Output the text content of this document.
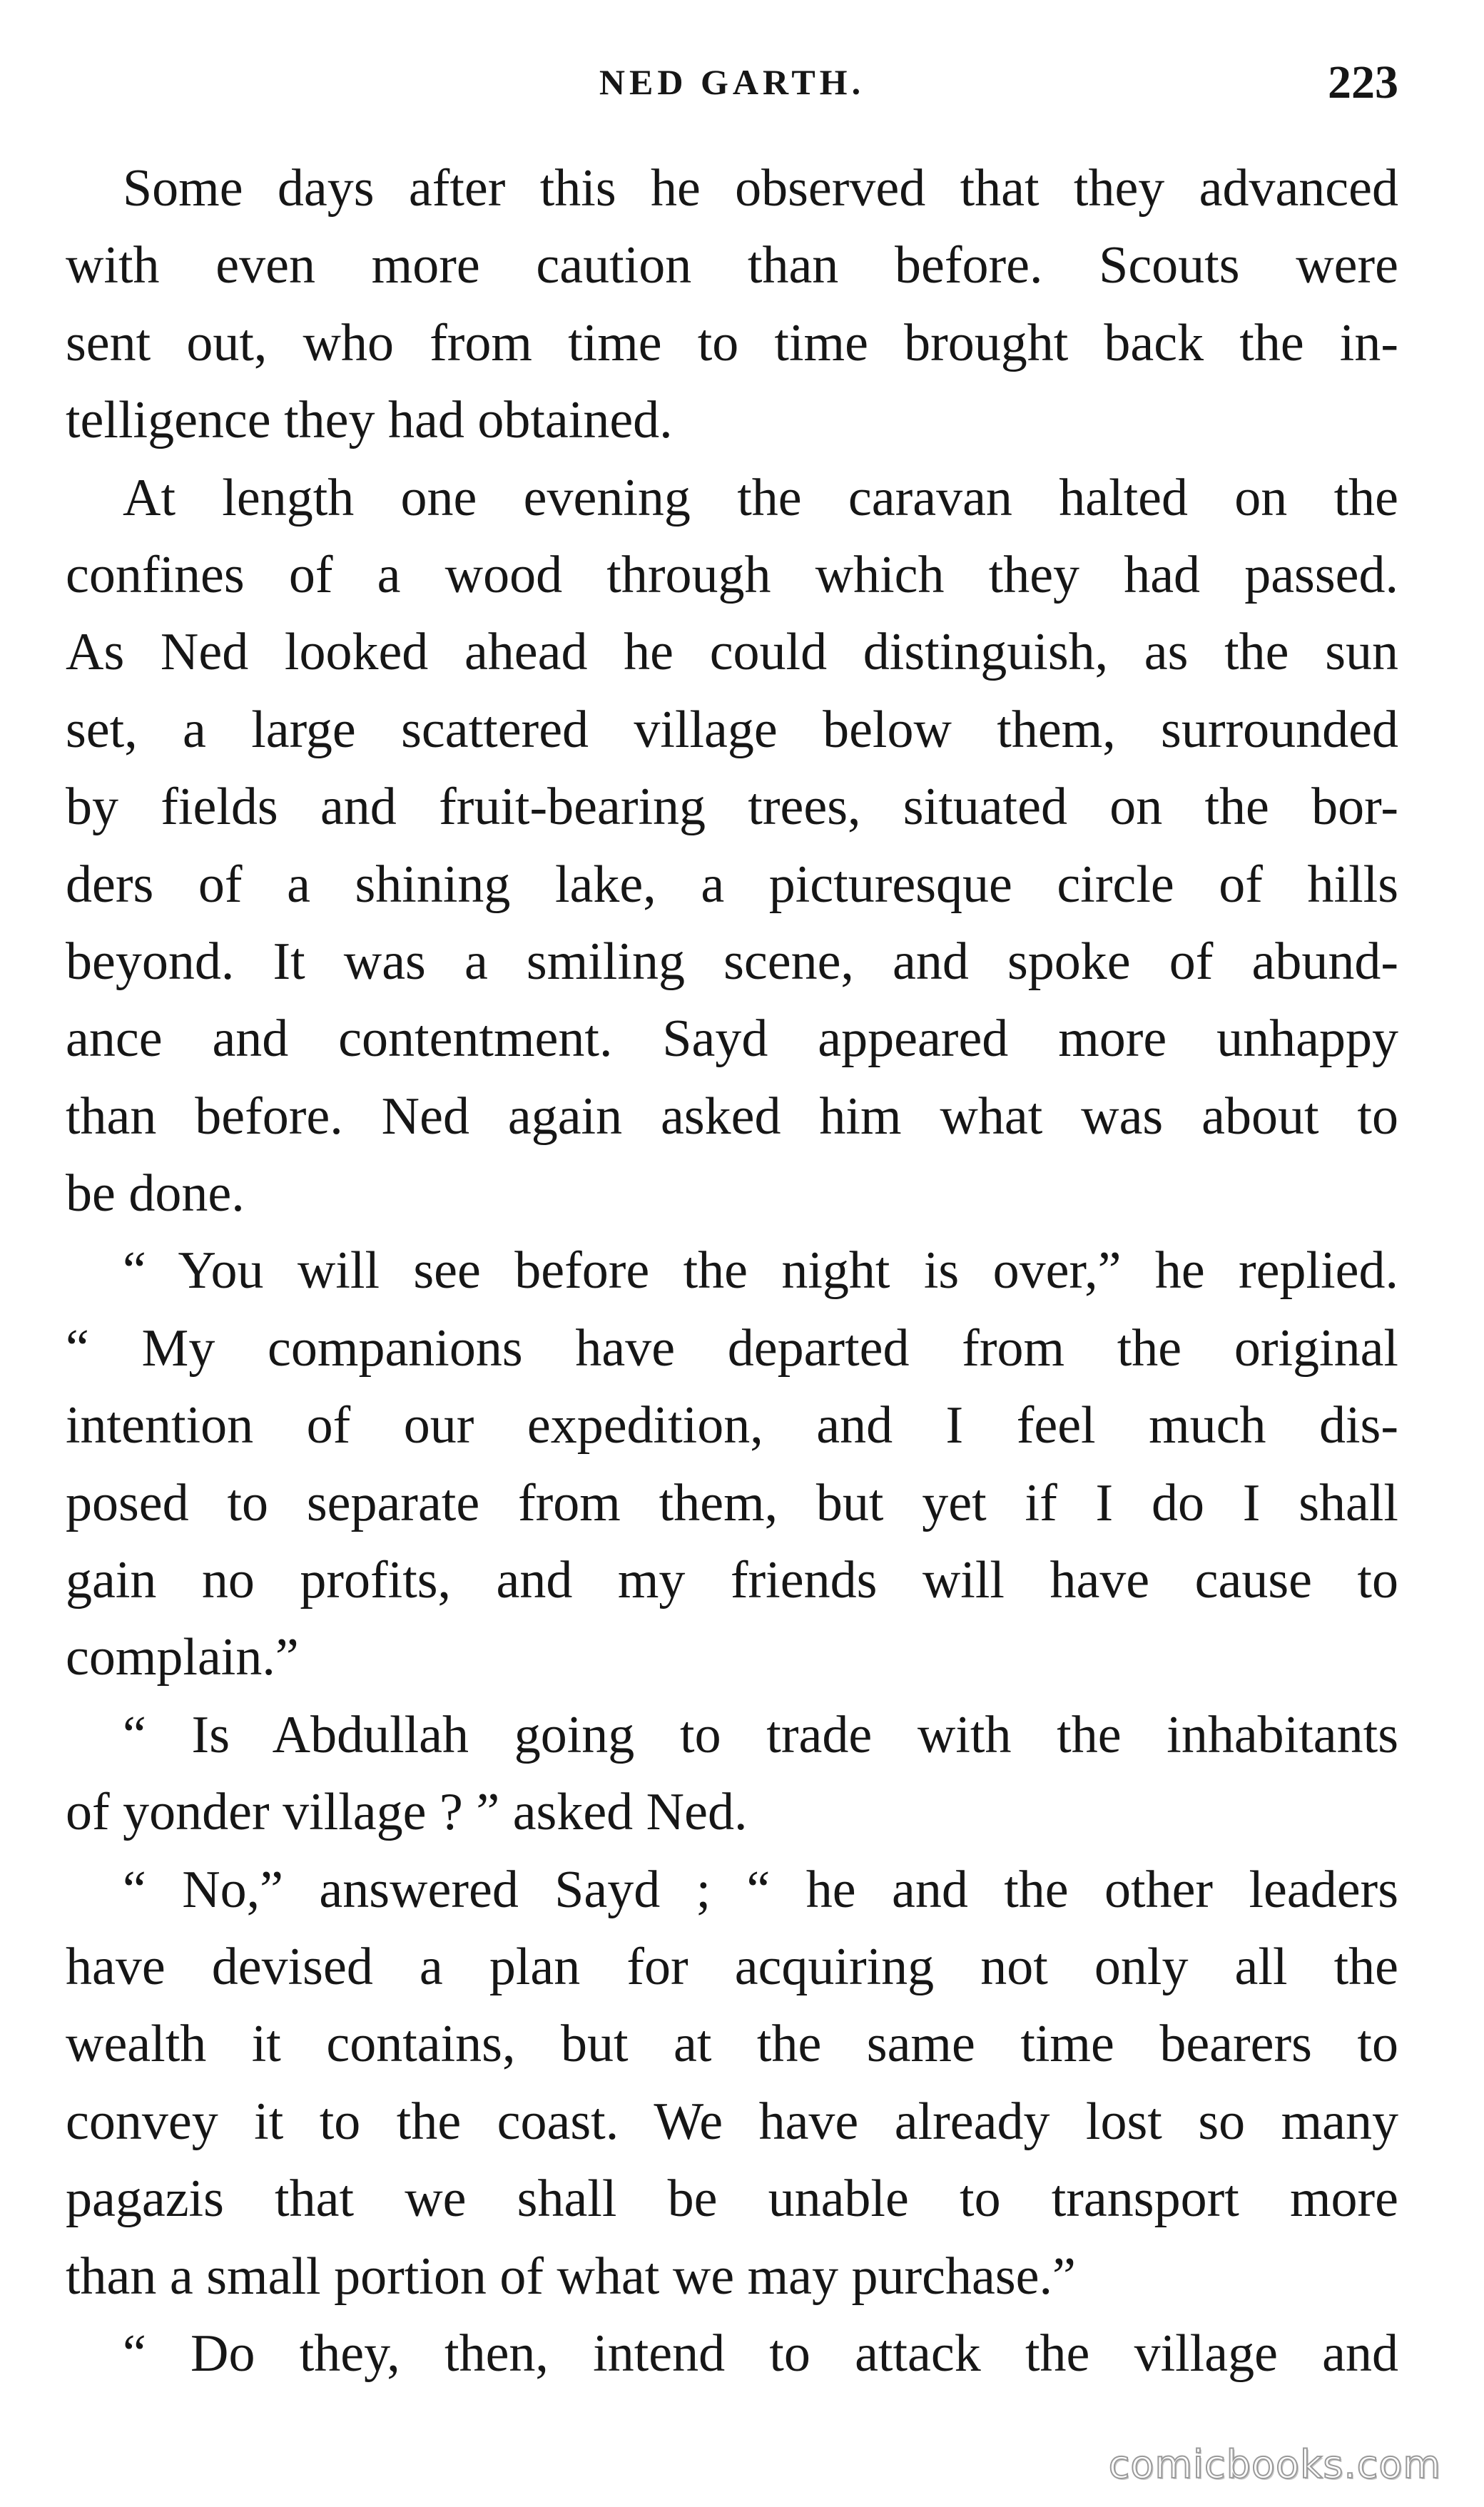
NED GARTH.	223

Some days after this he observed that they advanced
with even more caution than before. Scouts were
sent out, who from time to time brought back the in-
telligence they had obtained.

At length one evening the caravan halted on the
confines of a wood through which they had passed.
As Ned looked ahead he could distinguish, as the sun
set, a large scattered village below them, surrounded
by fields and fruit-bearing trees, situated on the bor-
ders of a shining lake, a picturesque circle of hills
beyond. It was a smiling scene, and spoke of abund-
ance and contentment. Sayd appeared more unhappy
than before. Ned again asked him what was about to
be done.

“ You will see before the night is over,” he replied.
“ My companions have departed from the original
intention of our expedition, and I feel much dis-
posed to separate from them, but yet if I do I shall
gain no profits, and my friends will have cause to
complain.”

“ Is Abdullah going to trade with the inhabitants
of yonder village ? ” asked Ned.

“ No,” answered Sayd ; “ he and the other leaders
have devised a plan for acquiring not only all the
wealth it contains, but at the same time bearers to
convey it to the coast. We have already lost so many
pagazis that we shall be unable to transport more
than a small portion of what we may purchase.”

“ Do they, then, intend to attack the village and

comicbooks.com
